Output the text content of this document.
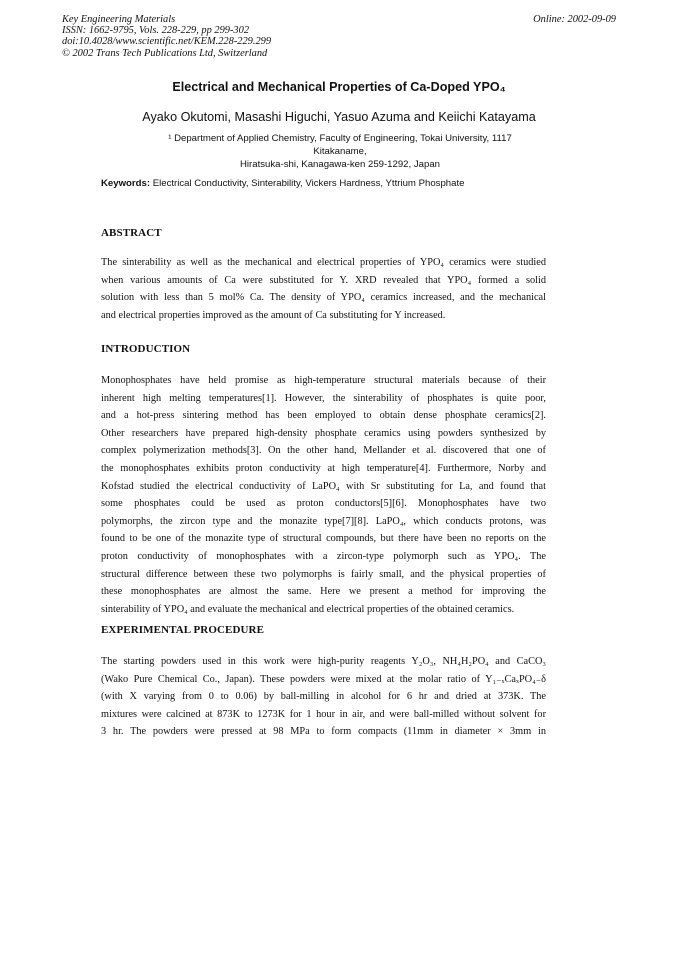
Key Engineering Materials
ISSN: 1662-9795, Vols. 228-229, pp 299-302
doi:10.4028/www.scientific.net/KEM.228-229.299
© 2002 Trans Tech Publications Ltd, Switzerland
Online: 2002-09-09
Electrical and Mechanical Properties of Ca-Doped YPO₄
Ayako Okutomi, Masashi Higuchi, Yasuo Azuma and Keiichi Katayama
¹ Department of Applied Chemistry, Faculty of Engineering, Tokai University, 1117 Kitakaname,
Hiratsuka-shi, Kanagawa-ken 259-1292, Japan
Keywords: Electrical Conductivity, Sinterability, Vickers Hardness, Yttrium Phosphate
ABSTRACT
The sinterability as well as the mechanical and electrical properties of YPO₄ ceramics were studied
when various amounts of Ca were substituted for Y. XRD revealed that YPO₄ formed a solid
solution with less than 5 mol% Ca. The density of YPO₄ ceramics increased, and the mechanical
and electrical properties improved as the amount of Ca substituting for Y increased.
INTRODUCTION
Monophosphates have held promise as high-temperature structural materials because of their
inherent high melting temperatures[1]. However, the sinterability of phosphates is quite poor,
and a hot-press sintering method has been employed to obtain dense phosphate ceramics[2].
Other researchers have prepared high-density phosphate ceramics using powders synthesized by
complex polymerization methods[3]. On the other hand, Mellander et al. discovered that one of
the monophosphates exhibits proton conductivity at high temperature[4]. Furthermore, Norby and
Kofstad studied the electrical conductivity of LaPO₄ with Sr substituting for La, and found that
some phosphates could be used as proton conductors[5][6]. Monophosphates have two
polymorphs, the zircon type and the monazite type[7][8]. LaPO₄, which conducts protons, was
found to be one of the monazite type of structural compounds, but there have been no reports on the
proton conductivity of monophosphates with a zircon-type polymorph such as YPO₄. The
structural difference between these two polymorphs is fairly small, and the physical properties of
these monophosphates are almost the same. Here we present a method for improving the
sinterability of YPO₄ and evaluate the mechanical and electrical properties of the obtained ceramics.
EXPERIMENTAL PROCEDURE
The starting powders used in this work were high-purity reagents Y₂O₃, NH₄H₂PO₄ and CaCO₃
(Wako Pure Chemical Co., Japan). These powders were mixed at the molar ratio of Y₁₋ₓCaₓPO₄₋δ
(with X varying from 0 to 0.06) by ball-milling in alcohol for 6 hr and dried at 373K. The
mixtures were calcined at 873K to 1273K for 1 hour in air, and were ball-milled without solvent for
3 hr. The powders were pressed at 98 MPa to form compacts (11mm in diameter × 3mm in
